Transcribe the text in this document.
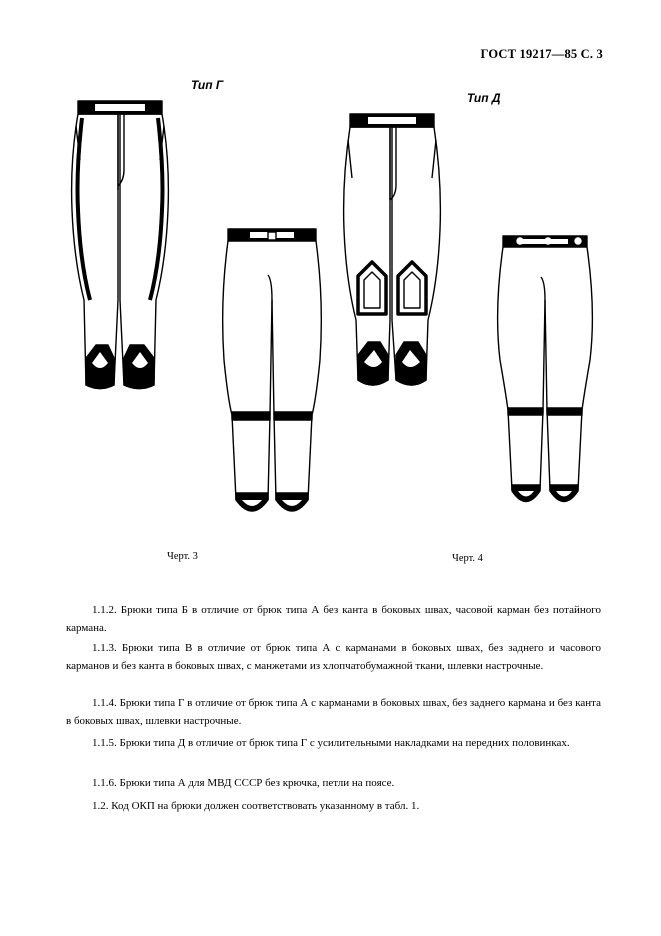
ГОСТ 19217—85 С. 3
Тип Г
Тип Д
Черт. 3	Черт. 4
1.1.2. Брюки типа Б в отличие от брюк типа А без канта в боковых швах, часовой карман без потайного кармана.
1.1.3. Брюки типа В в отличие от брюк типа А с карманами в боковых швах, без заднего и часового карманов и без канта в боковых швах, с манжетами из хлопчатобумажной ткани, шлевки настрочные.
1.1.4. Брюки типа Г в отличие от брюк типа А с карманами в боковых швах, без заднего кармана и без канта в боковых швах, шлевки настрочные.
1.1.5. Брюки типа Д в отличие от брюк типа Г с усилительными накладками на передних половинках.
1.1.6. Брюки типа А для МВД СССР без крючка, петли на поясе.
1.2. Код ОКП на брюки должен соответствовать указанному в табл. 1.
